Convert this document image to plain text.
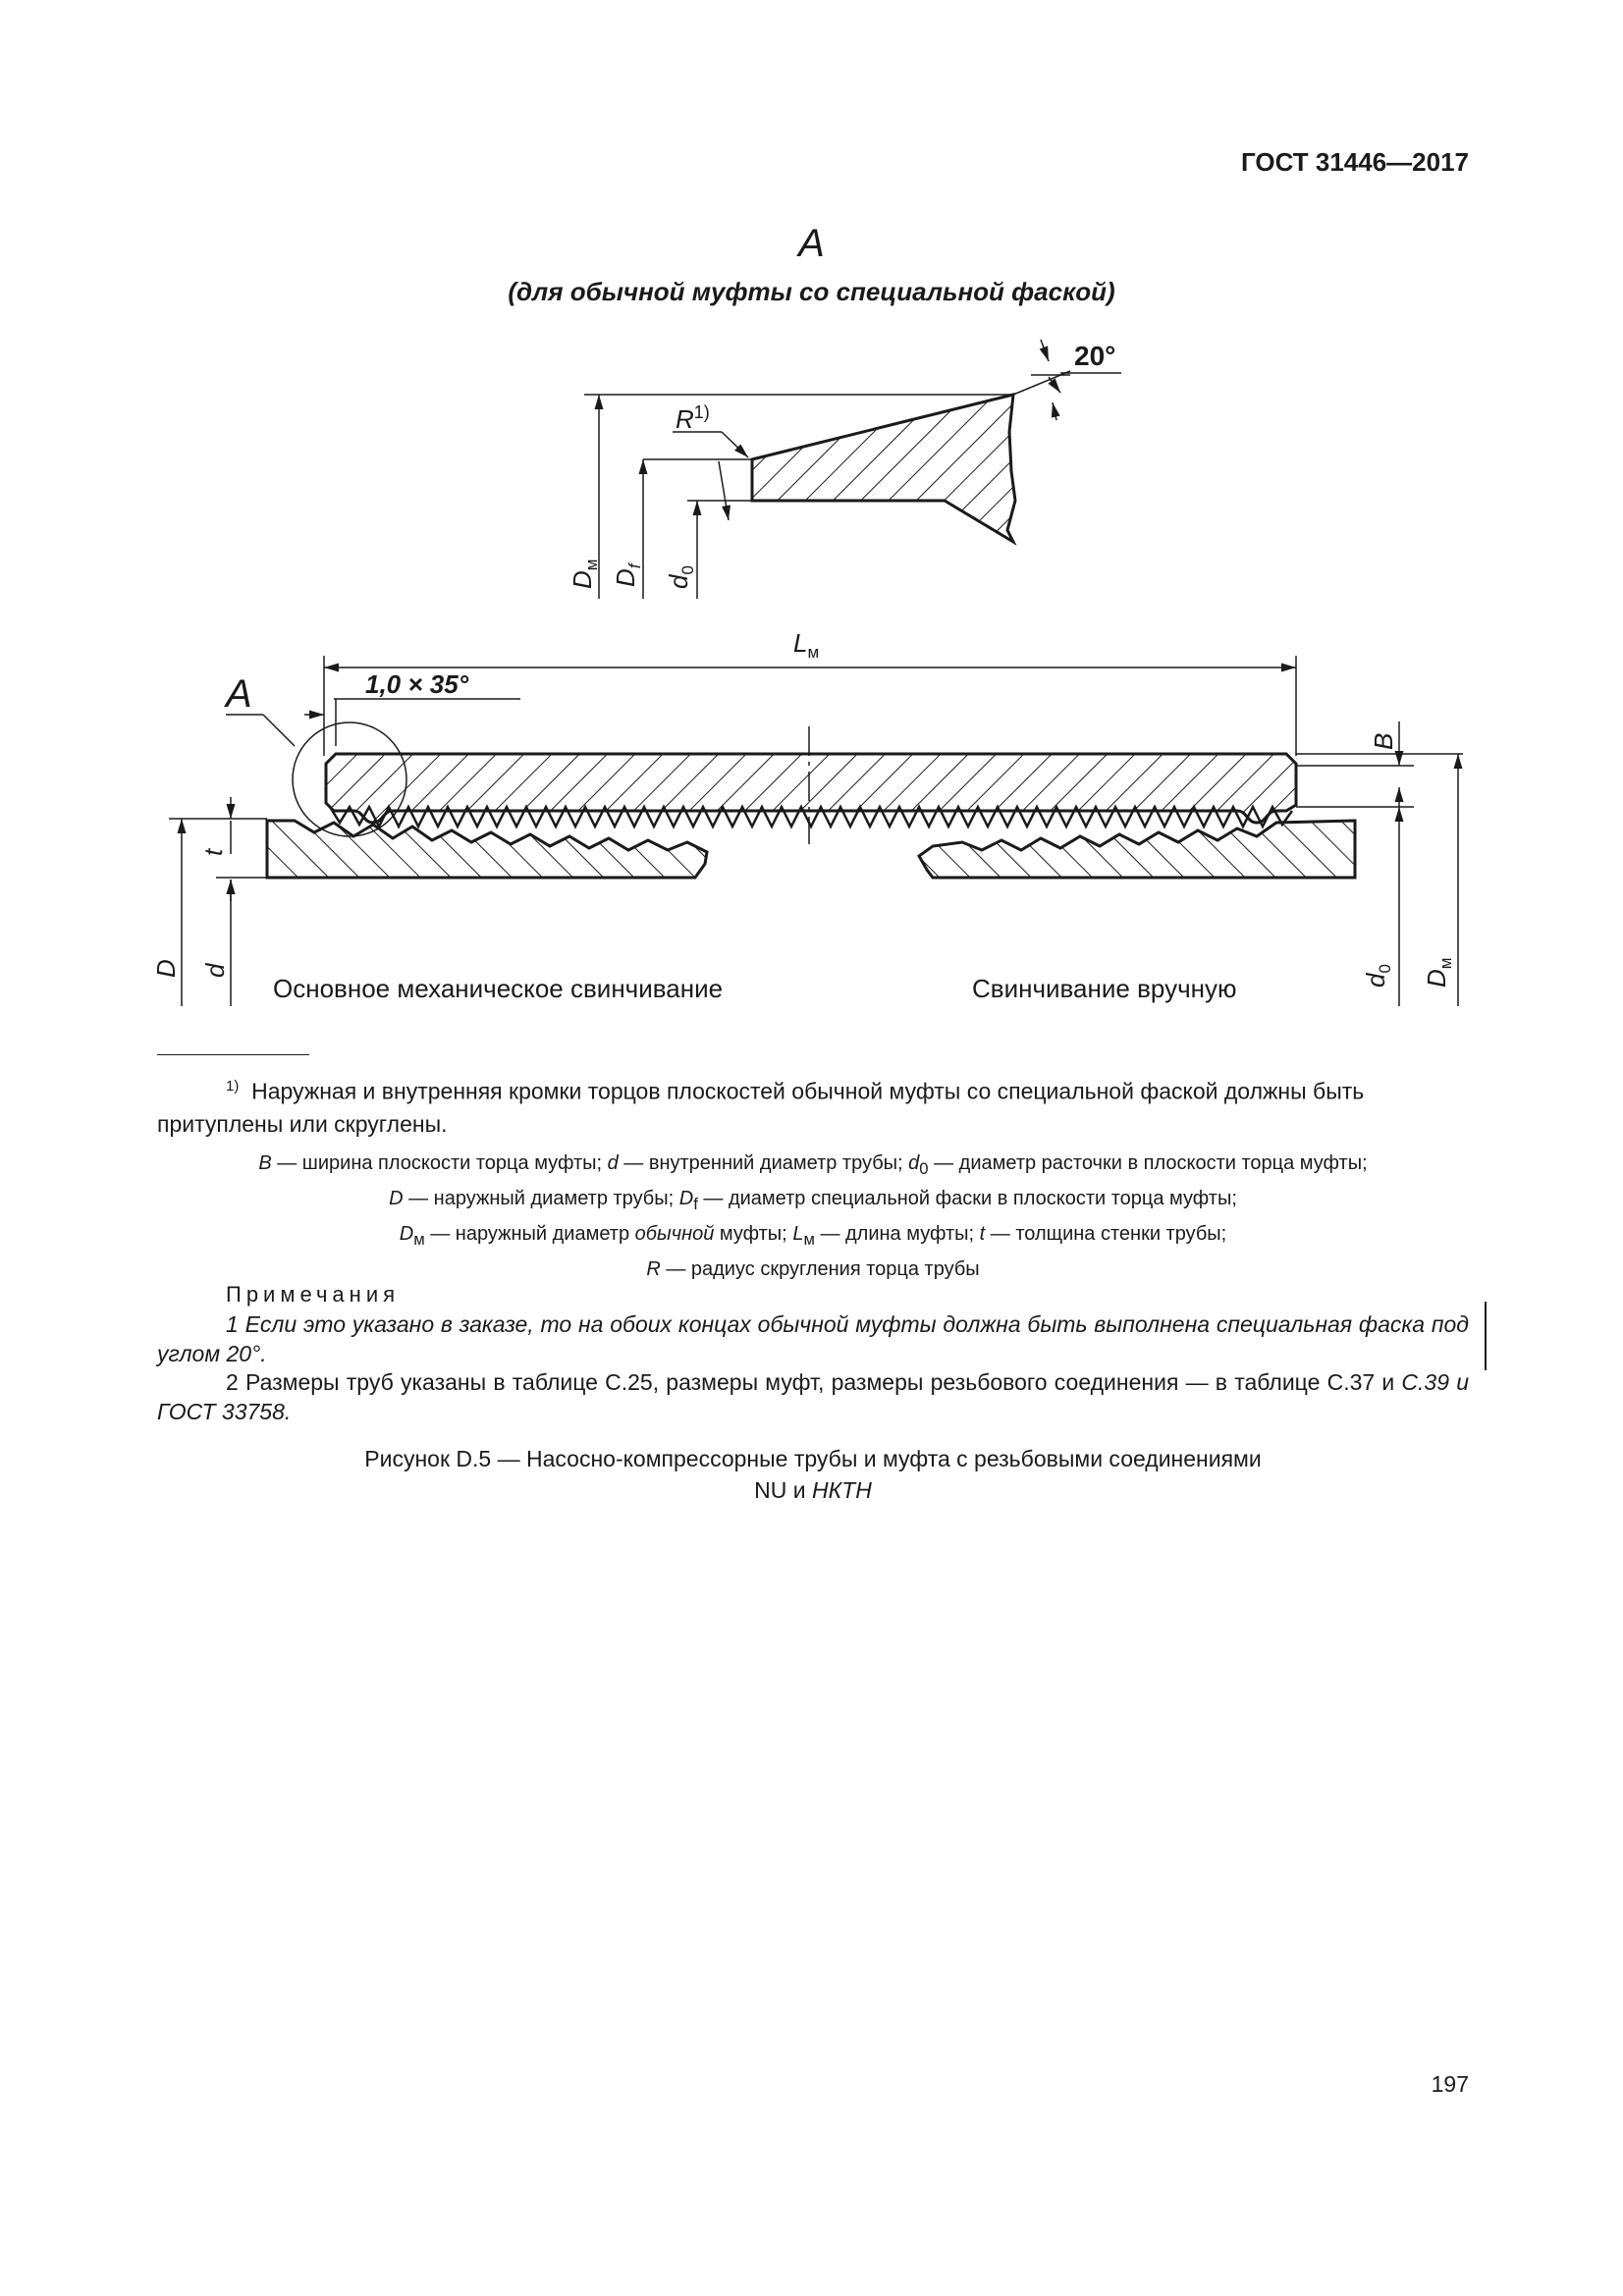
ГОСТ 31446—2017
A
(для обычной муфты со специальной фаской)
20°
$R^{1)}$
$D_м$
$D_f$
$d_0$
$L_м$
1,0 × 35°
A
t
D d
B
$d_0$
$D_м$
Основное механическое свинчивание	Свинчивание вручную
$^{1)}$ Наружная и внутренняя кромки торцов плоскостей обычной муфты со специальной фаской должны быть притуплены или скруглены.
B — ширина плоскости торца муфты; d — внутренний диаметр трубы; $d_0$ — диаметр расточки в плоскости торца муфты;
D — наружный диаметр трубы; $D_f$ — диаметр специальной фаски в плоскости торца муфты;
$D_м$ — наружный диаметр обычной муфты; $L_м$ — длина муфты; t — толщина стенки трубы;
R — радиус скругления торца трубы
Примечания
1 Если это указано в заказе, то на обоих концах обычной муфты должна быть выполнена специальная фаска под углом 20°.
2 Размеры труб указаны в таблице С.25, размеры муфт, размеры резьбового соединения — в таблице С.37 и С.39 и ГОСТ 33758.
Рисунок D.5 — Насосно-компрессорные трубы и муфта с резьбовыми соединениями
NU и НКТН
197
